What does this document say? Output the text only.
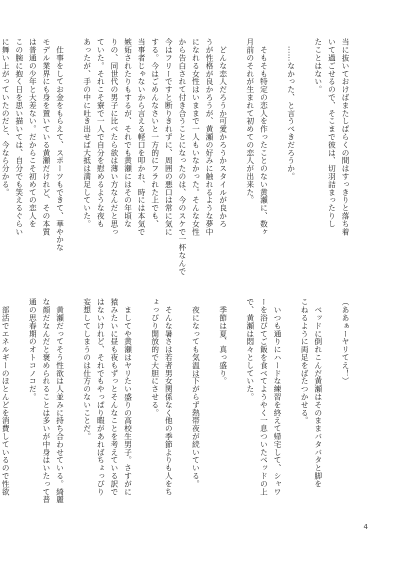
当に抜いておけばまたしばらくの間はすっきりと落ち着
いて過ごせるので、そこまで彼は、切羽詰まったりし
たことはない。

　……なかった、と言うべきだろうか。

　そもそも特定の恋人を作ったことのない黄瀬に、数ヶ
月前のそれが生まれて初めての恋人が出来た。

　どんな恋人だろうか可愛かろうかスタイルが良かろ
うが性格が良かろうが、黄瀬の好みに触れるような夢中
になれる女性はいままで一人もいなかった。そんな女性
から告白されて付き合うことになったのは、今のスケで一杯なんで
今はフリーですと断りきれずに、周囲の悪口は常に気に
する。今はごめんなさいと一方的にフラれた上でも、
当事者じゃないから言える軽口を叩かれ、時には本気で
嫉妬されたりもするが、それでも黄瀬にはその年頃な
りの、同世代の男子に比べたら欲は薄い方なんだと思っ
ていた。それこそ寮で一人で自分を慰めるような夜も
あったが、手の中に吐き出せば大抵は満足していた。

　仕事をしてお金をもらえて、スポーツもできて、華やかな
モデル業界にも身を置いている黄瀬だけれど、その本質
は普通の少年と大差ない。だからこそ初めての恋人を
この腕に抱く日を思い描いては、自分でも笑えるぐらい
に舞い上がっていたのだと、今なら分かる。

（ああぁーヤリてえ！）

　ベッドに倒れこんだ黄瀬はそのままバタバタと脚を
こねるように両足をばたつかせる。

　いつも通りにハードな練習を終えて帰宅して、シャワ
ーを浴びてご飯を食べてようやく一息ついたベッドの上
で、黄瀬は悶々としていた。

　季節は夏、真っ盛り。

　夜になっても気温は下がらず熱帯夜が続いている。

　そんな暑さは若者男女関係なく他の季節よりも人をち
ょっぴり開放的で大胆にさせる。

　ましてや黄瀬はヤリたい盛りの高校生男子。さすがに
猿みたいに昼も夜もずっとそんなことを考えている訳で
はないけれど、それでもやっぱり暇があればちょっぴり
妄想してしまうのは仕方のないことだ。

　黄瀬だってそう性欲は人並みに持ち合わせている。綺麗
な顔だなんだと褒められることは多いが中身はいたって普
通の思春期のオトコノコだ。

　部活でエネルギーのほとんどを消費しているので性欲

4
